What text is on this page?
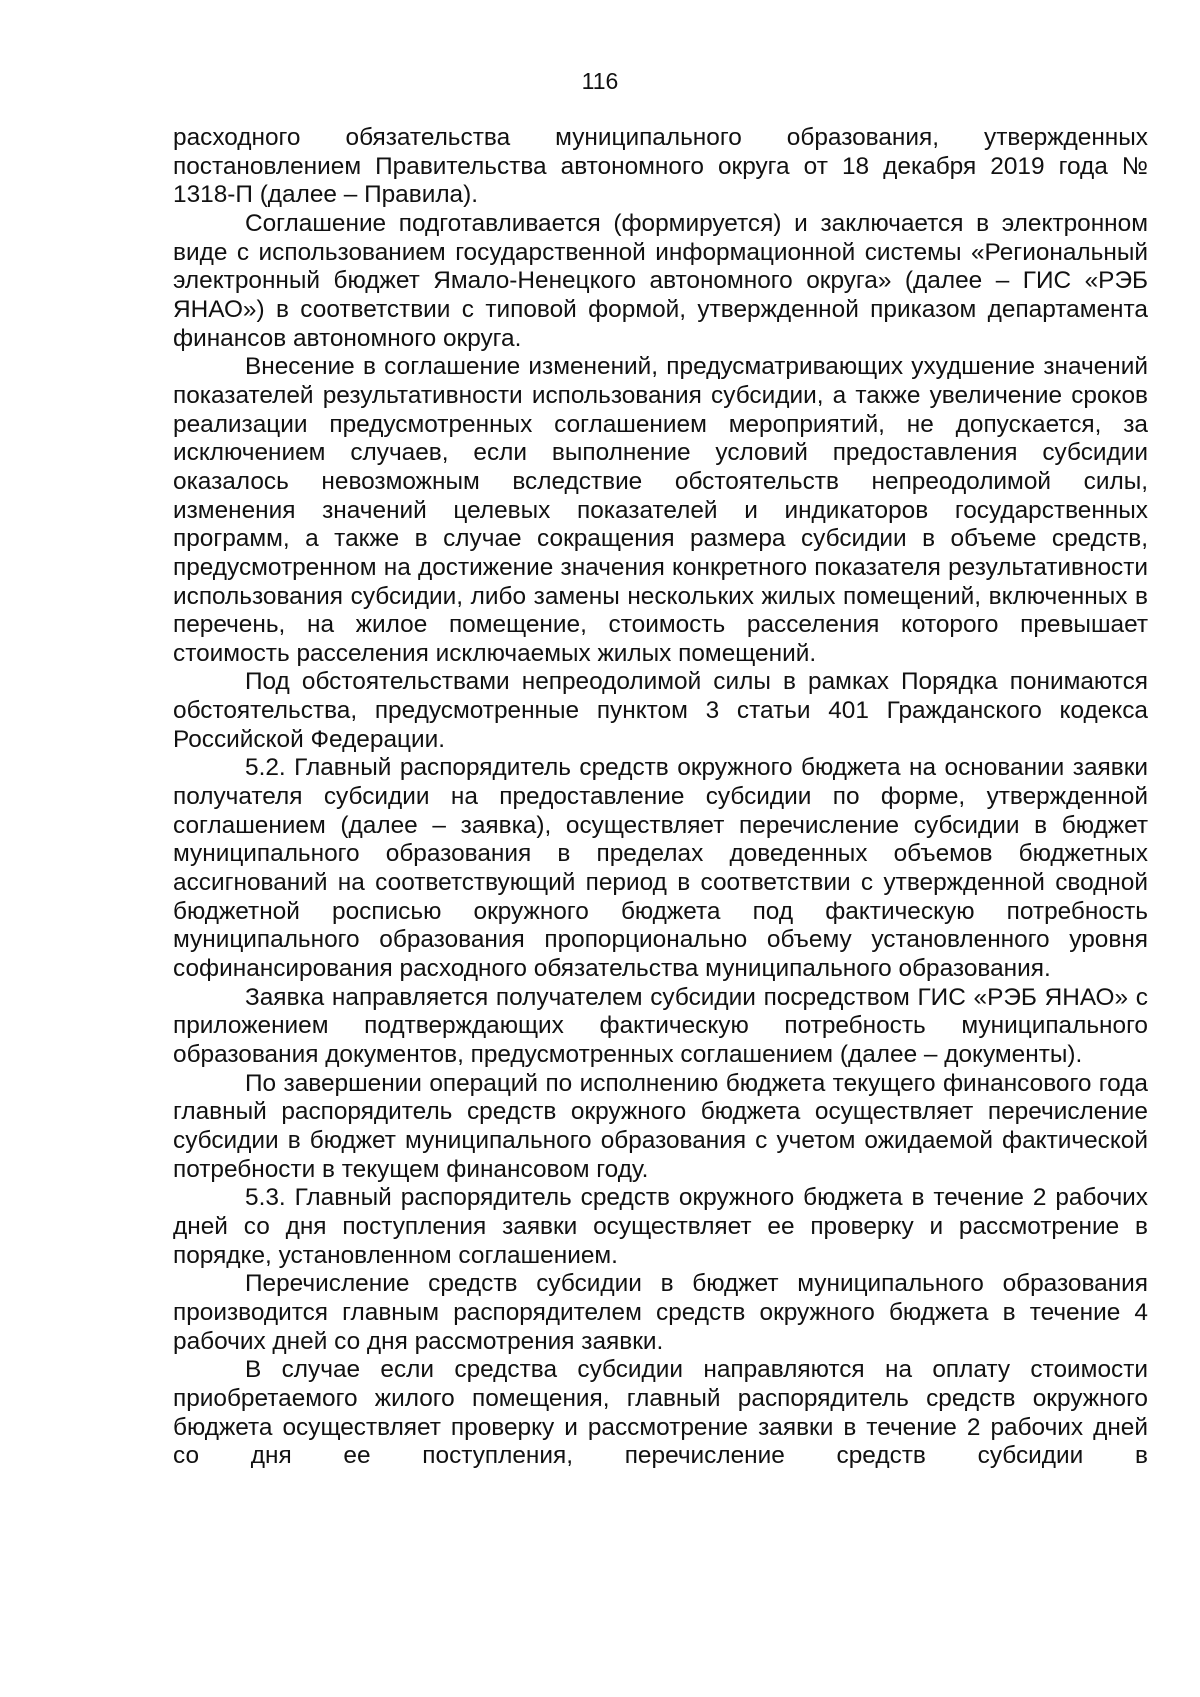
116

расходного обязательства муниципального образования, утвержденных постановлением Правительства автономного округа от 18 декабря 2019 года № 1318-П (далее – Правила).

Соглашение подготавливается (формируется) и заключается в электронном виде с использованием государственной информационной системы «Региональный электронный бюджет Ямало-Ненецкого автономного округа» (далее – ГИС «РЭБ ЯНАО») в соответствии с типовой формой, утвержденной приказом департамента финансов автономного округа.

Внесение в соглашение изменений, предусматривающих ухудшение значений показателей результативности использования субсидии, а также увеличение сроков реализации предусмотренных соглашением мероприятий, не допускается, за исключением случаев, если выполнение условий предоставления субсидии оказалось невозможным вследствие обстоятельств непреодолимой силы, изменения значений целевых показателей и индикаторов государственных программ, а также в случае сокращения размера субсидии в объеме средств, предусмотренном на достижение значения конкретного показателя результативности использования субсидии, либо замены нескольких жилых помещений, включенных в перечень, на жилое помещение, стоимость расселения которого превышает стоимость расселения исключаемых жилых помещений.

Под обстоятельствами непреодолимой силы в рамках Порядка понимаются обстоятельства, предусмотренные пунктом 3 статьи 401 Гражданского кодекса Российской Федерации.

5.2. Главный распорядитель средств окружного бюджета на основании заявки получателя субсидии на предоставление субсидии по форме, утвержденной соглашением (далее – заявка), осуществляет перечисление субсидии в бюджет муниципального образования в пределах доведенных объемов бюджетных ассигнований на соответствующий период в соответствии с утвержденной сводной бюджетной росписью окружного бюджета под фактическую потребность муниципального образования пропорционально объему установленного уровня софинансирования расходного обязательства муниципального образования.

Заявка направляется получателем субсидии посредством ГИС «РЭБ ЯНАО» с приложением подтверждающих фактическую потребность муниципального образования документов, предусмотренных соглашением (далее – документы).

По завершении операций по исполнению бюджета текущего финансового года главный распорядитель средств окружного бюджета осуществляет перечисление субсидии в бюджет муниципального образования с учетом ожидаемой фактической потребности в текущем финансовом году.

5.3. Главный распорядитель средств окружного бюджета в течение 2 рабочих дней со дня поступления заявки осуществляет ее проверку и рассмотрение в порядке, установленном соглашением.

Перечисление средств субсидии в бюджет муниципального образования производится главным распорядителем средств окружного бюджета в течение 4 рабочих дней со дня рассмотрения заявки.

В случае если средства субсидии направляются на оплату стоимости приобретаемого жилого помещения, главный распорядитель средств окружного бюджета осуществляет проверку и рассмотрение заявки в течение 2 рабочих дней со дня ее поступления, перечисление средств субсидии в
